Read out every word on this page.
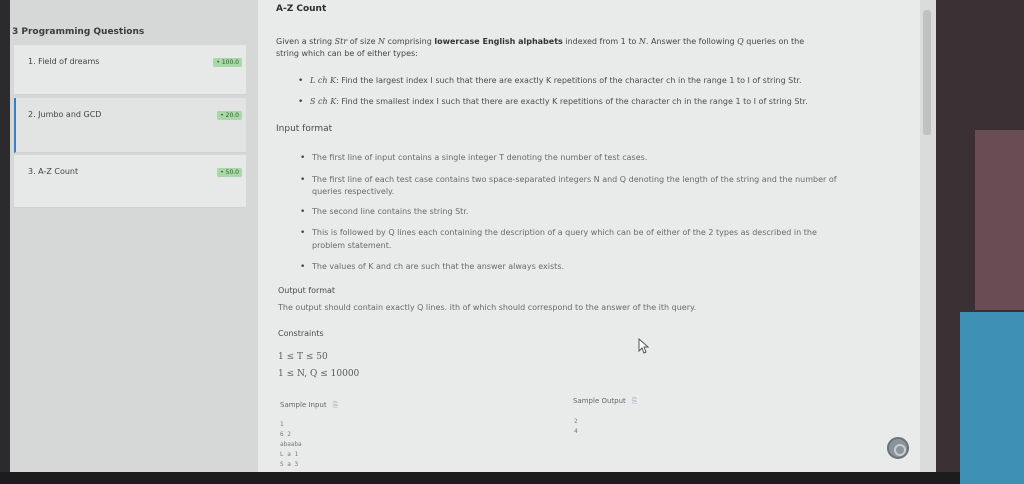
3 Programming Questions
1. Field of dreams	• 100.0
2. Jumbo and GCD	• 20.0
3. A-Z Count	• 50.0
A-Z Count
Given a string Str of size N comprising lowercase English alphabets indexed from 1 to N. Answer the following Q queries on the
string which can be of either types:
• L ch K: Find the largest index I such that there are exactly K repetitions of the character ch in the range 1 to I of string Str.
• S ch K: Find the smallest index I such that there are exactly K repetitions of the character ch in the range 1 to I of string Str.
Input format
• The first line of input contains a single integer T denoting the number of test cases.
• The first line of each test case contains two space-separated integers N and Q denoting the length of the string and the number of
queries respectively.
• The second line contains the string Str.
• This is followed by Q lines each containing the description of a query which can be of either of the 2 types as described in the
problem statement.
• The values of K and ch are such that the answer always exists.
Output format
The output should contain exactly Q lines. ith of which should correspond to the answer of the ith query.
Constraints
1 ≤ T ≤ 50
1 ≤ N, Q ≤ 10000
Sample Input ⎘	Sample Output ⎘
1
6 2
abaaba
L a 1
S a 3
2
4
